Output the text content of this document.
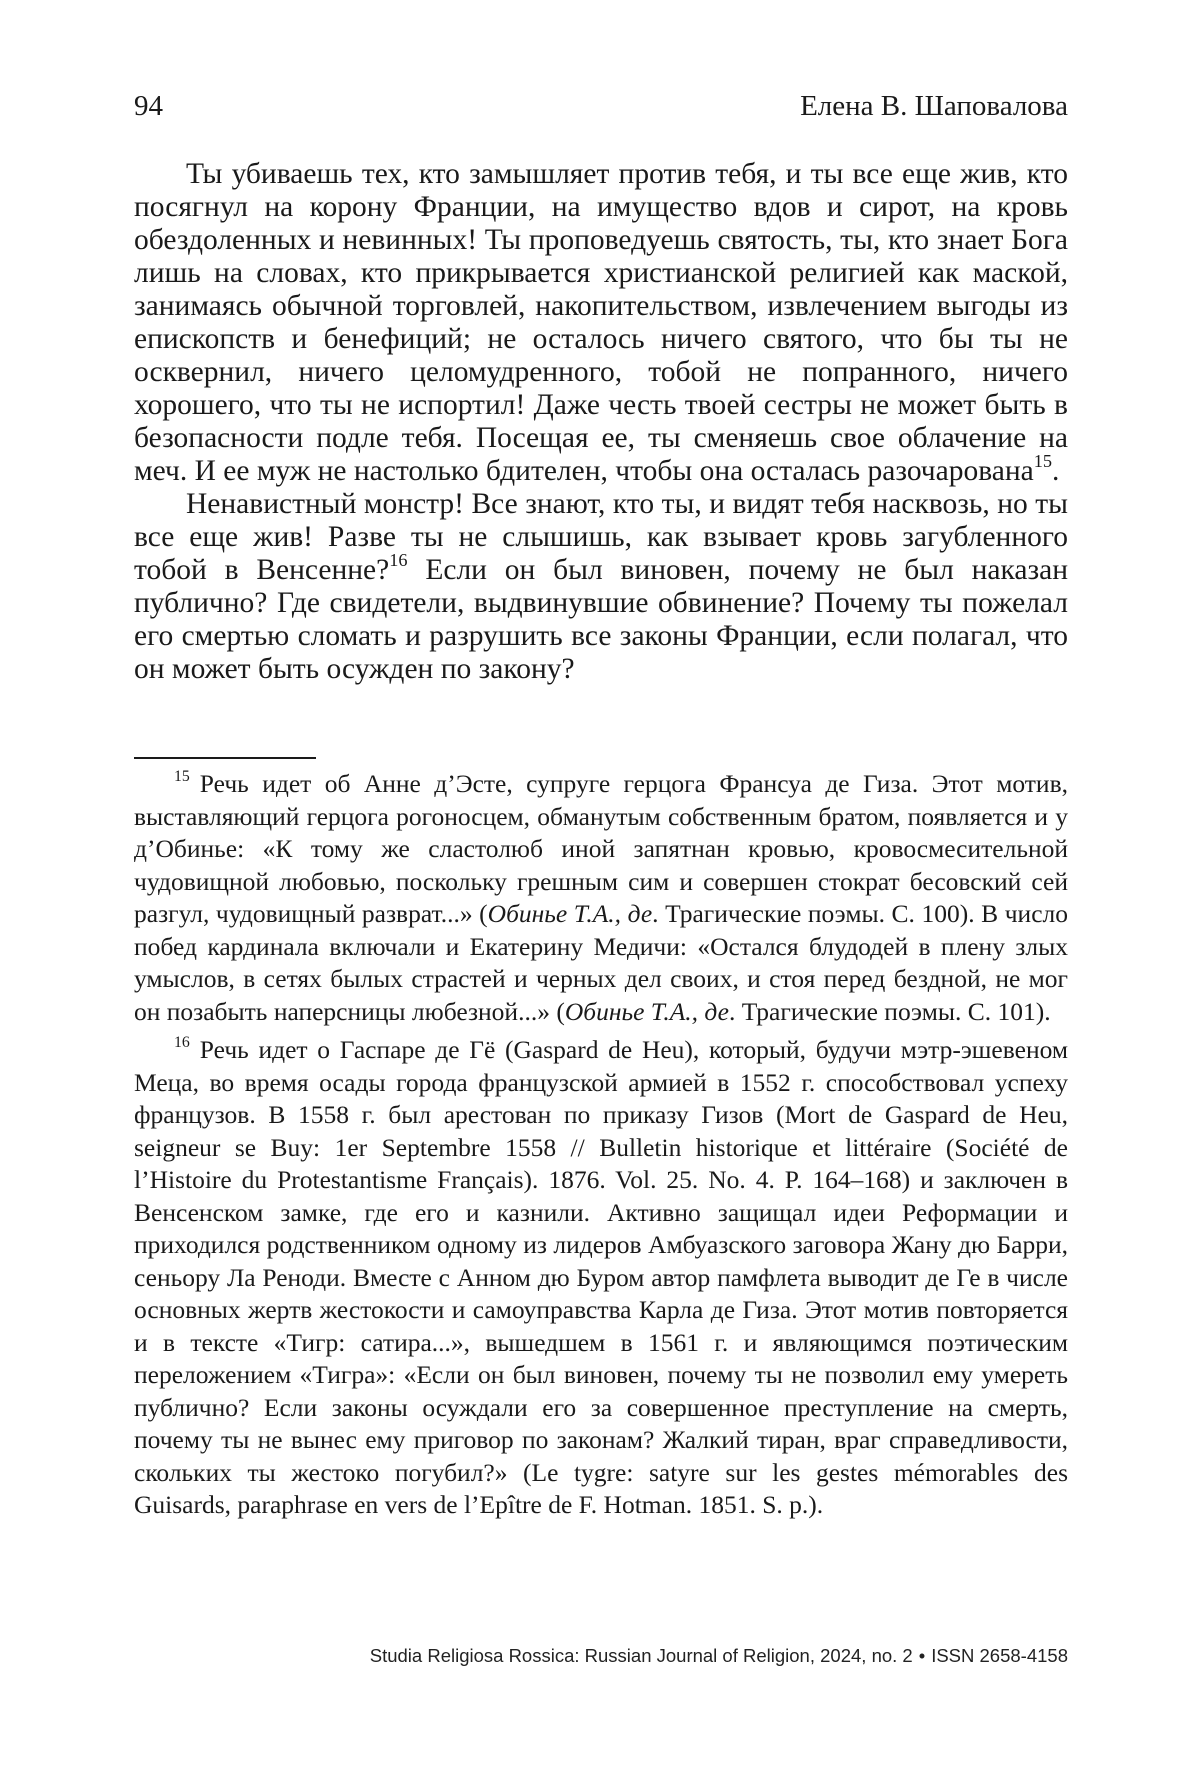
94	Елена В. Шаповалова

Ты убиваешь тех, кто замышляет против тебя, и ты все еще жив, кто посягнул на корону Франции, на имущество вдов и сирот, на кровь обездоленных и невинных! Ты проповедуешь святость, ты, кто знает Бога лишь на словах, кто прикрывается христианской религией как маской, занимаясь обычной торговлей, накопительством, извлечением выгоды из епископств и бенефиций; не осталось ничего святого, что бы ты не осквернил, ничего целомудренного, тобой не попранного, ничего хорошего, что ты не испортил! Даже честь твоей сестры не может быть в безопасности подле тебя. Посещая ее, ты сменяешь свое облачение на меч. И ее муж не настолько бдителен, чтобы она осталась разочарована$^{15}$.

Ненавистный монстр! Все знают, кто ты, и видят тебя насквозь, но ты все еще жив! Разве ты не слышишь, как взывает кровь загубленного тобой в Венсенне?$^{16}$ Если он был виновен, почему не был наказан публично? Где свидетели, выдвинувшие обвинение? Почему ты пожелал его смертью сломать и разрушить все законы Франции, если полагал, что он может быть осужден по закону?

$^{15}$ Речь идет об Анне д’Эсте, супруге герцога Франсуа де Гиза. Этот мотив, выставляющий герцога рогоносцем, обманутым собственным братом, появляется и у д’Обинье: «К тому же сластолюб иной запятнан кровью, кровосмесительной чудовищной любовью, поскольку грешным сим и совершен стократ бесовский сей разгул, чудовищный разврат...» (Обинье Т.А., де. Трагические поэмы. С. 100). В число побед кардинала включали и Екатерину Медичи: «Остался блудодей в плену злых умыслов, в сетях былых страстей и черных дел своих, и стоя перед бездной, не мог он позабыть наперсницы любезной...» (Обинье Т.А., де. Трагические поэмы. С. 101).

$^{16}$ Речь идет о Гаспаре де Гё (Gaspard de Heu), который, будучи мэтр-эшевеном Меца, во время осады города французской армией в 1552 г. способствовал успеху французов. В 1558 г. был арестован по приказу Гизов (Mort de Gaspard de Heu, seigneur se Buy: 1er Septembre 1558 // Bulletin historique et littéraire (Société de l’Histoire du Protestantisme Français). 1876. Vol. 25. No. 4. P. 164–168) и заключен в Венсенском замке, где его и казнили. Активно защищал идеи Реформации и приходился родственником одному из лидеров Амбуазского заговора Жану дю Барри, сеньору Ла Реноди. Вместе с Анном дю Буром автор памфлета выводит де Ге в числе основных жертв жестокости и самоуправства Карла де Гиза. Этот мотив повторяется и в тексте «Тигр: сатира...», вышедшем в 1561 г. и являющимся поэтическим переложением «Тигра»: «Если он был виновен, почему ты не позволил ему умереть публично? Если законы осуждали его за совершенное преступление на смерть, почему ты не вынес ему приговор по законам? Жалкий тиран, враг справедливости, скольких ты жестоко погубил?» (Le tygre: satyre sur les gestes mémorables des Guisards, paraphrase en vers de l’Epître de F. Hotman. 1851. S. p.).

Studia Religiosa Rossica: Russian Journal of Religion, 2024, no. 2 • ISSN 2658-4158
